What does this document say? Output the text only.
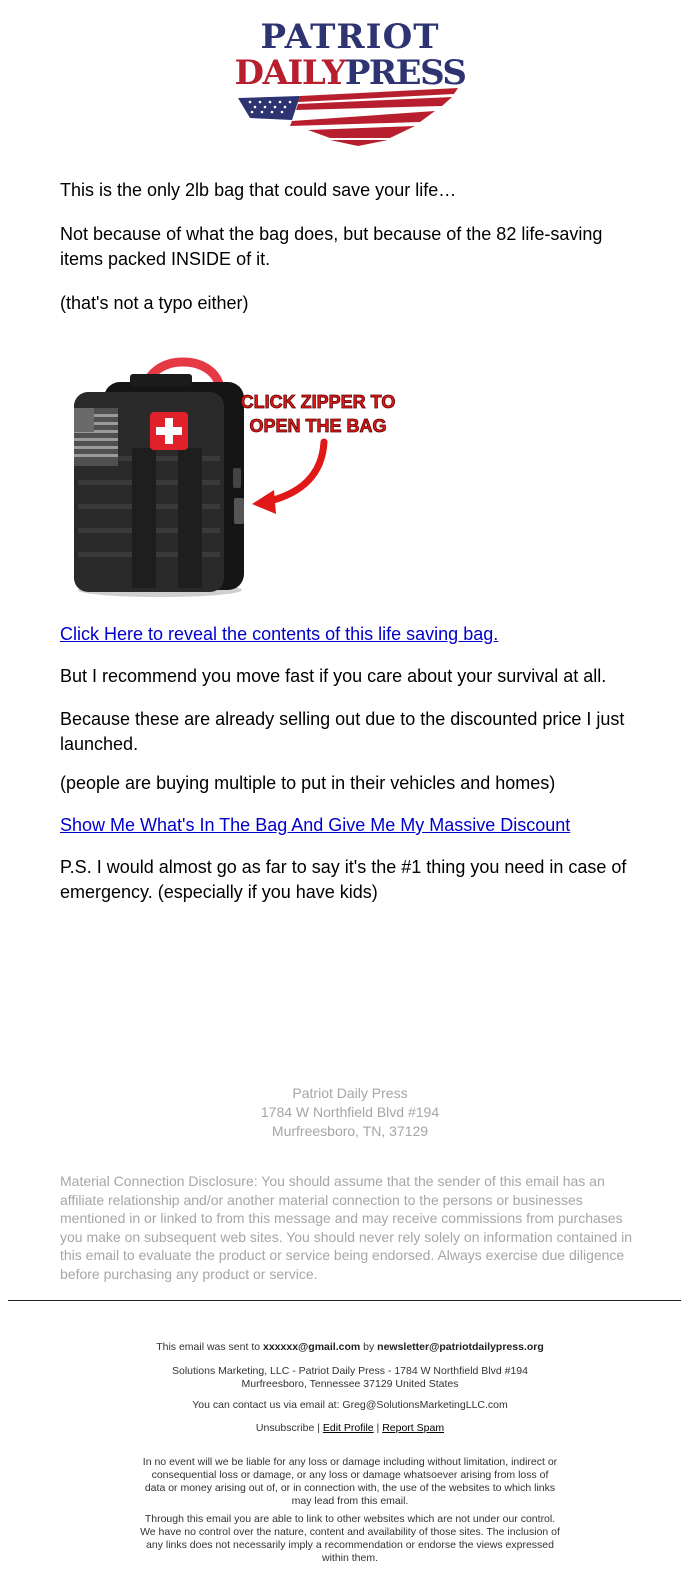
PATRIOT
DAILYPRESS

This is the only 2lb bag that could save your life…

Not because of what the bag does, but because of the 82 life-saving items packed INSIDE of it.

(that's not a typo either)

CLICK ZIPPER TO
OPEN THE BAG

Click Here to reveal the contents of this life saving bag.

But I recommend you move fast if you care about your survival at all.

Because these are already selling out due to the discounted price I just launched.

(people are buying multiple to put in their vehicles and homes)

Show Me What's In The Bag And Give Me My Massive Discount

P.S. I would almost go as far to say it's the #1 thing you need in case of emergency. (especially if you have kids)

Patriot Daily Press
1784 W Northfield Blvd #194
Murfreesboro, TN, 37129
Material Connection Disclosure: You should assume that the sender of this email has an affiliate relationship and/or another material connection to the persons or businesses mentioned in or linked to from this message and may receive commissions from purchases you make on subsequent web sites. You should never rely solely on information contained in this email to evaluate the product or service being endorsed. Always exercise due diligence before purchasing any product or service.
This email was sent to xxxxxx@gmail.com by newsletter@patriotdailypress.org
Solutions Marketing, LLC - Patriot Daily Press - 1784 W Northfield Blvd #194
Murfreesboro, Tennessee 37129 United States
You can contact us via email at: Greg@SolutionsMarketingLLC.com
Unsubscribe | Edit Profile | Report Spam
In no event will we be liable for any loss or damage including without limitation, indirect or consequential loss or damage, or any loss or damage whatsoever arising from loss of data or money arising out of, or in connection with, the use of the websites to which links may lead from this email.
Through this email you are able to link to other websites which are not under our control. We have no control over the nature, content and availability of those sites. The inclusion of any links does not necessarily imply a recommendation or endorse the views expressed within them.
